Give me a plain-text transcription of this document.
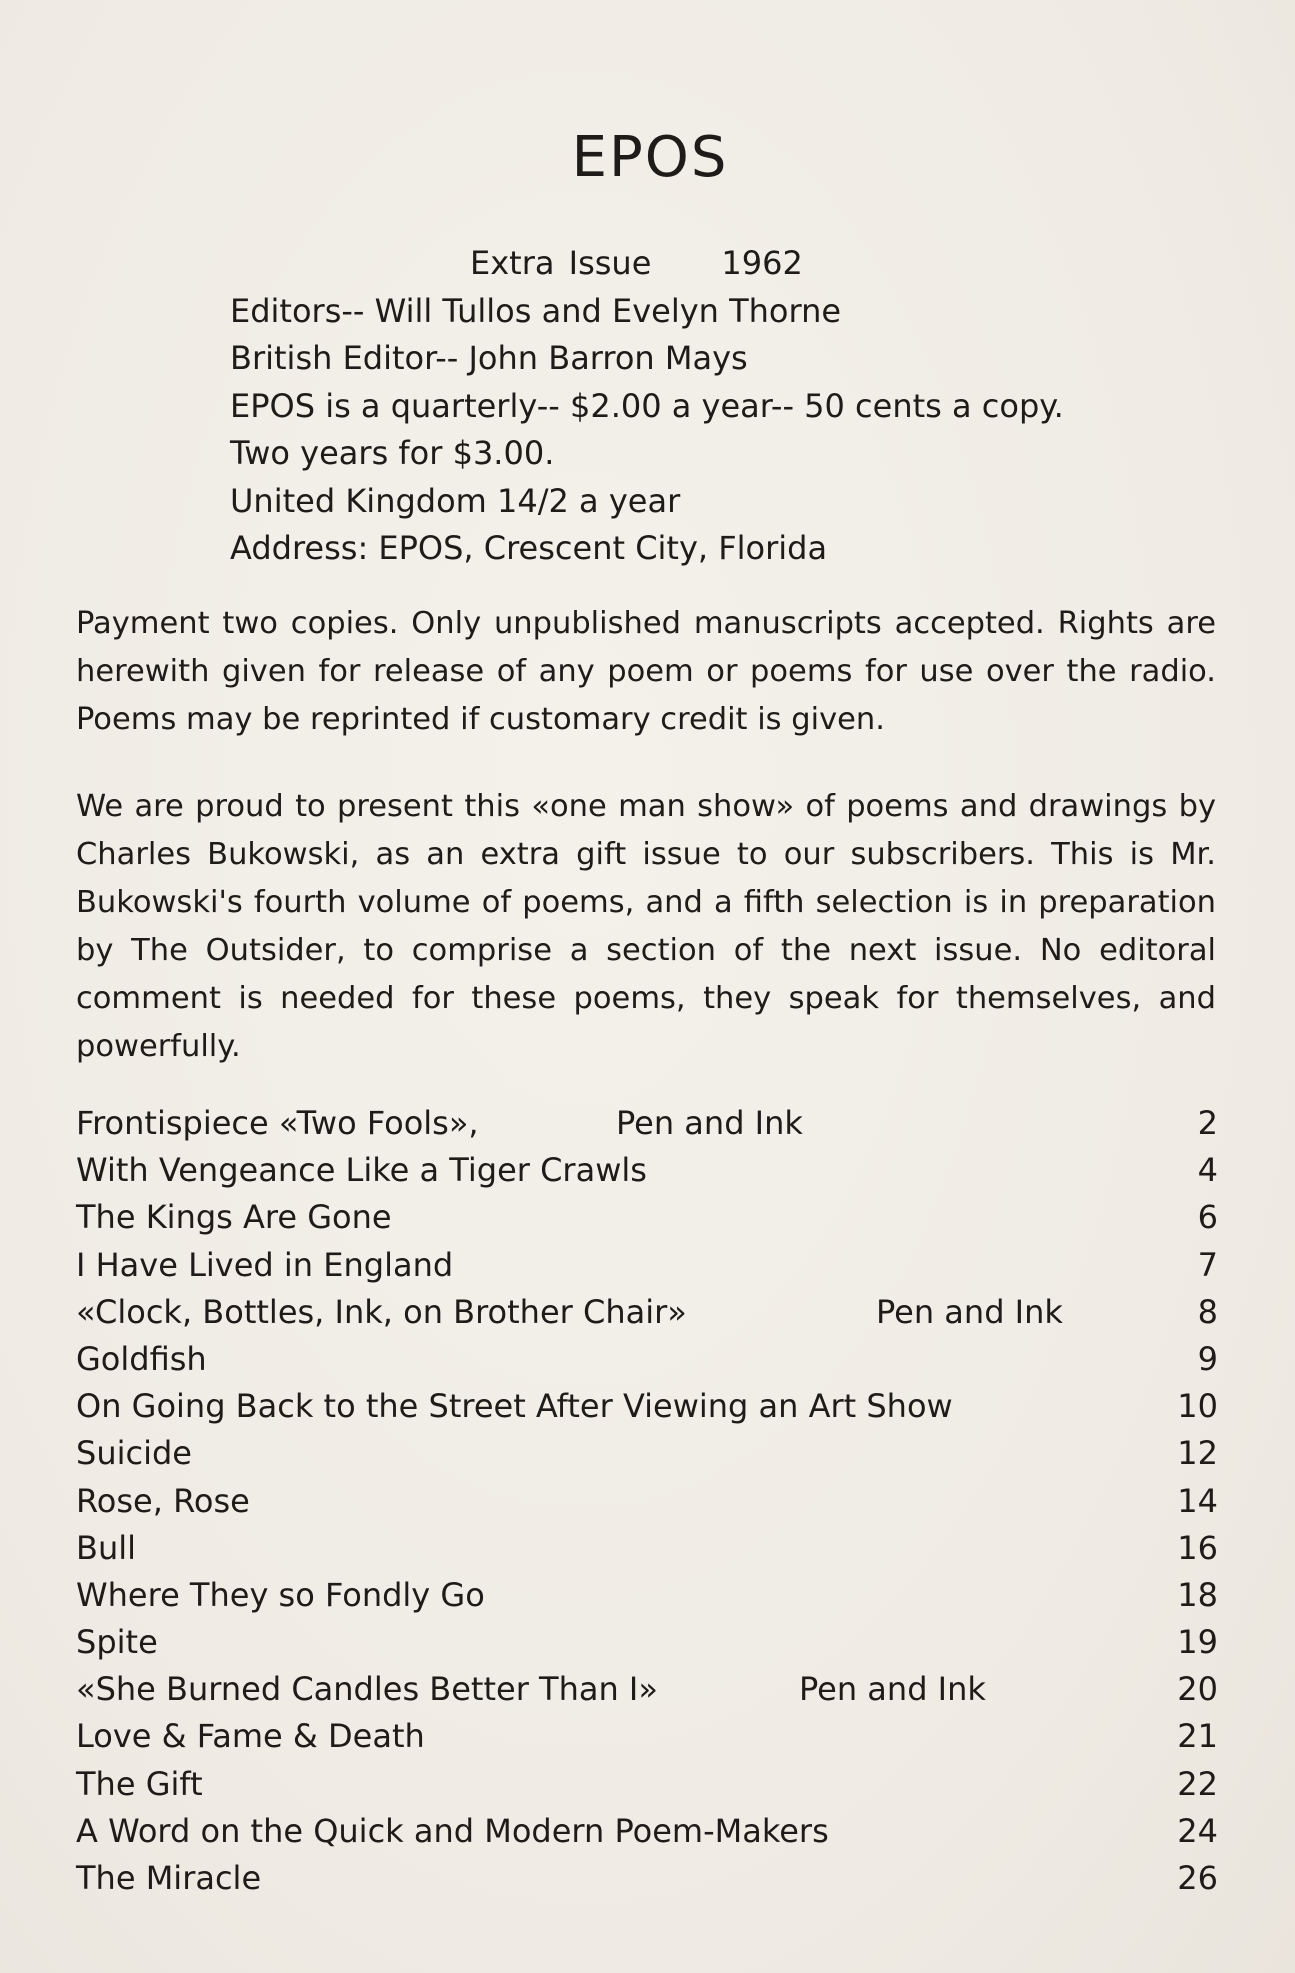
EPOS
Extra Issue 1962
Editors-- Will Tullos and Evelyn Thorne
British Editor-- John Barron Mays
EPOS is a quarterly-- $2.00 a year-- 50 cents a copy.
Two years for $3.00.
United Kingdom 14/2 a year
Address: EPOS, Crescent City, Florida

Payment two copies. Only unpublished manuscripts accepted. Rights are herewith given for release of any poem or poems for use over the radio. Poems may be reprinted if customary credit is given.

We are proud to present this «one man show» of poems and drawings by Charles Bukowski, as an extra gift issue to our subscribers. This is Mr. Bukowski's fourth volume of poems, and a fifth selection is in preparation by The Outsider, to comprise a section of the next issue. No editoral comment is needed for these poems, they speak for themselves, and powerfully.

Frontispiece «Two Fools»,	Pen and Ink	2
With Vengeance Like a Tiger Crawls	4
The Kings Are Gone	6
I Have Lived in England	7
«Clock, Bottles, Ink, on Brother Chair»	Pen and Ink	8
Goldfish	9
On Going Back to the Street After Viewing an Art Show	10
Suicide	12
Rose, Rose	14
Bull	16
Where They so Fondly Go	18
Spite	19
«She Burned Candles Better Than I»	Pen and Ink	20
Love & Fame & Death	21
The Gift	22
A Word on the Quick and Modern Poem-Makers	24
The Miracle	26
